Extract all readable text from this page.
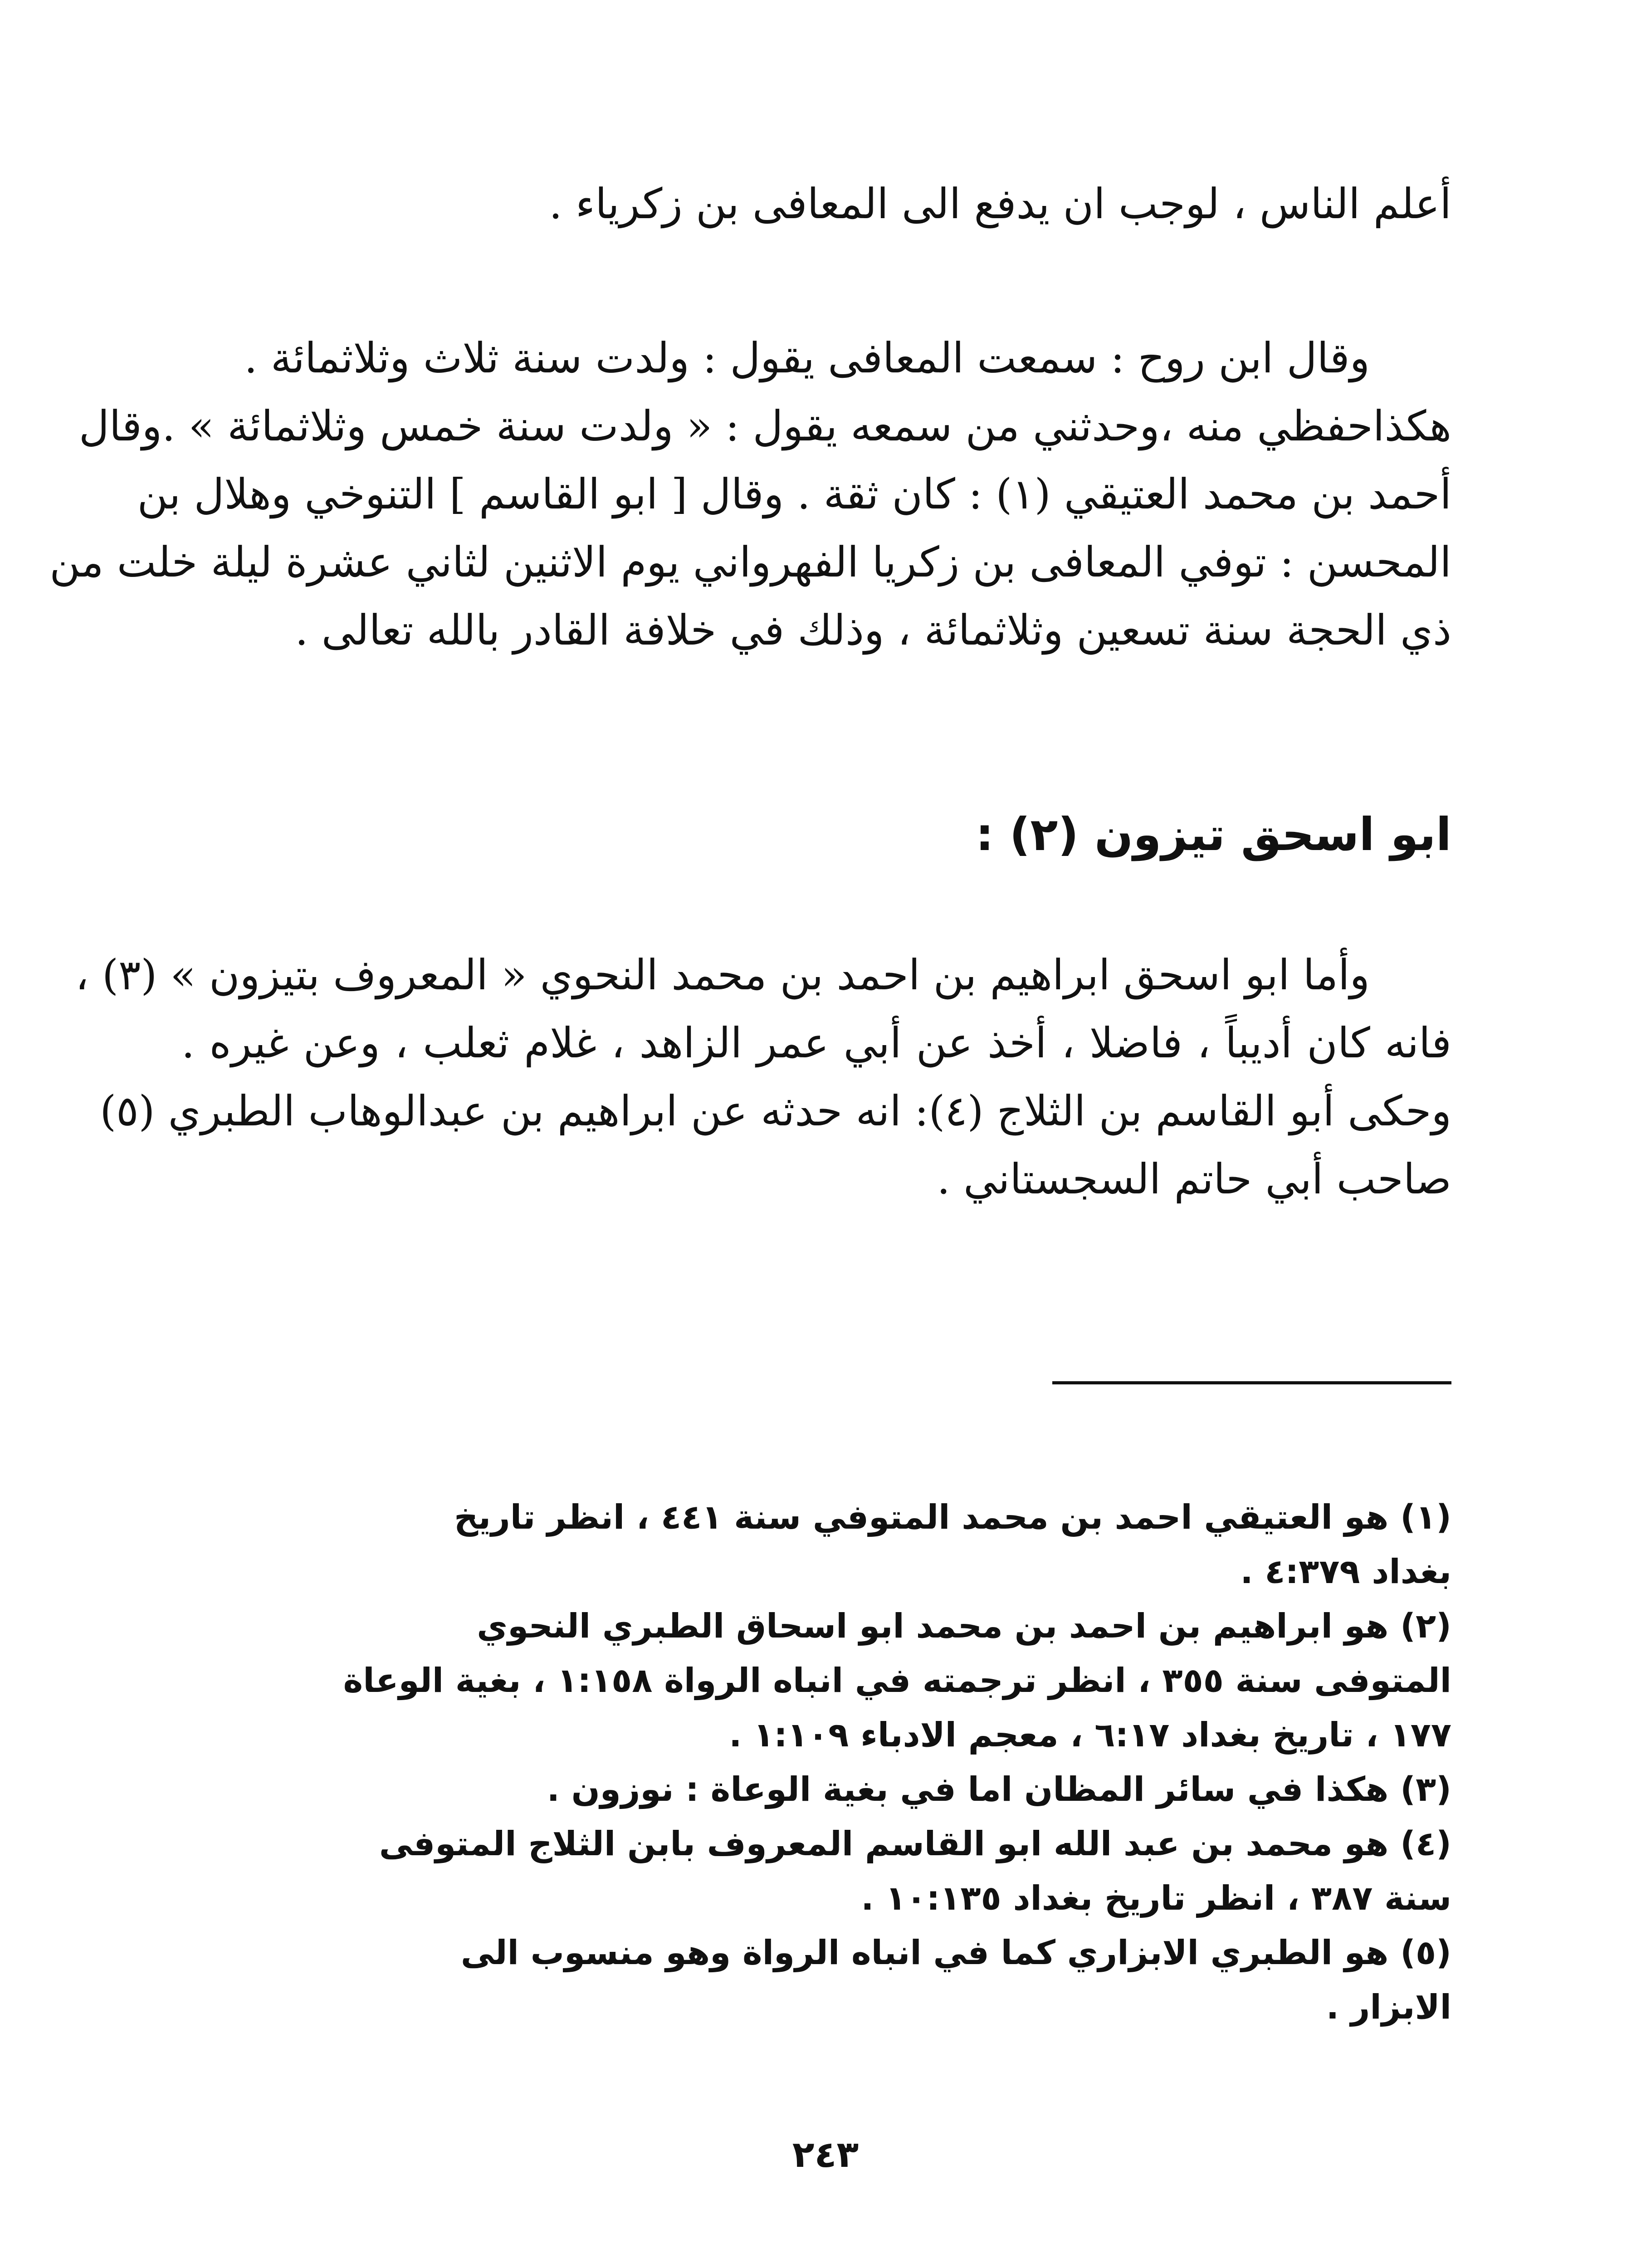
أعلم الناس ، لوجب ان يدفع الى المعافى بن زكرياء .
وقال ابن روح : سمعت المعافى يقول : ولدت سنة ثلاث وثلاثمائة .
هكذاحفظي منه ،وحدثني من سمعه يقول : « ولدت سنة خمس وثلاثمائة » .وقال
أحمد بن محمد العتيقي (١) : كان ثقة . وقال [ ابو القاسم ] التنوخي وهلال بن
المحسن : توفي المعافى بن زكريا الفهرواني يوم الاثنين لثاني عشرة ليلة خلت من
ذي الحجة سنة تسعين وثلاثمائة ، وذلك في خلافة القادر بالله تعالى .
ابو اسحق تيزون (٢) :
وأما ابو اسحق ابراهيم بن احمد بن محمد النحوي « المعروف بتيزون » (٣) ،
فانه كان أديباً ، فاضلا ، أخذ عن أبي عمر الزاهد ، غلام ثعلب ، وعن غيره .
وحكى أبو القاسم بن الثلاج (٤): انه حدثه عن ابراهيم بن عبدالوهاب الطبري (٥)
صاحب أبي حاتم السجستاني .
(١) هو العتيقي احمد بن محمد المتوفي سنة ٤٤١ ، انظر تاريخ
بغداد ٤:٣٧٩ .
(٢) هو ابراهيم بن احمد بن محمد ابو اسحاق الطبري النحوي
المتوفى سنة ٣٥٥ ، انظر ترجمته في انباه الرواة ١:١٥٨ ، بغية الوعاة
١٧٧ ، تاريخ بغداد ٦:١٧ ، معجم الادباء ١:١٠٩ .
(٣) هكذا في سائر المظان اما في بغية الوعاة : نوزون .
(٤) هو محمد بن عبد الله ابو القاسم المعروف بابن الثلاج المتوفى
سنة ٣٨٧ ، انظر تاريخ بغداد ١٠:١٣٥ .
(٥) هو الطبري الابزاري كما في انباه الرواة وهو منسوب الى
الابزار .
٢٤٣
